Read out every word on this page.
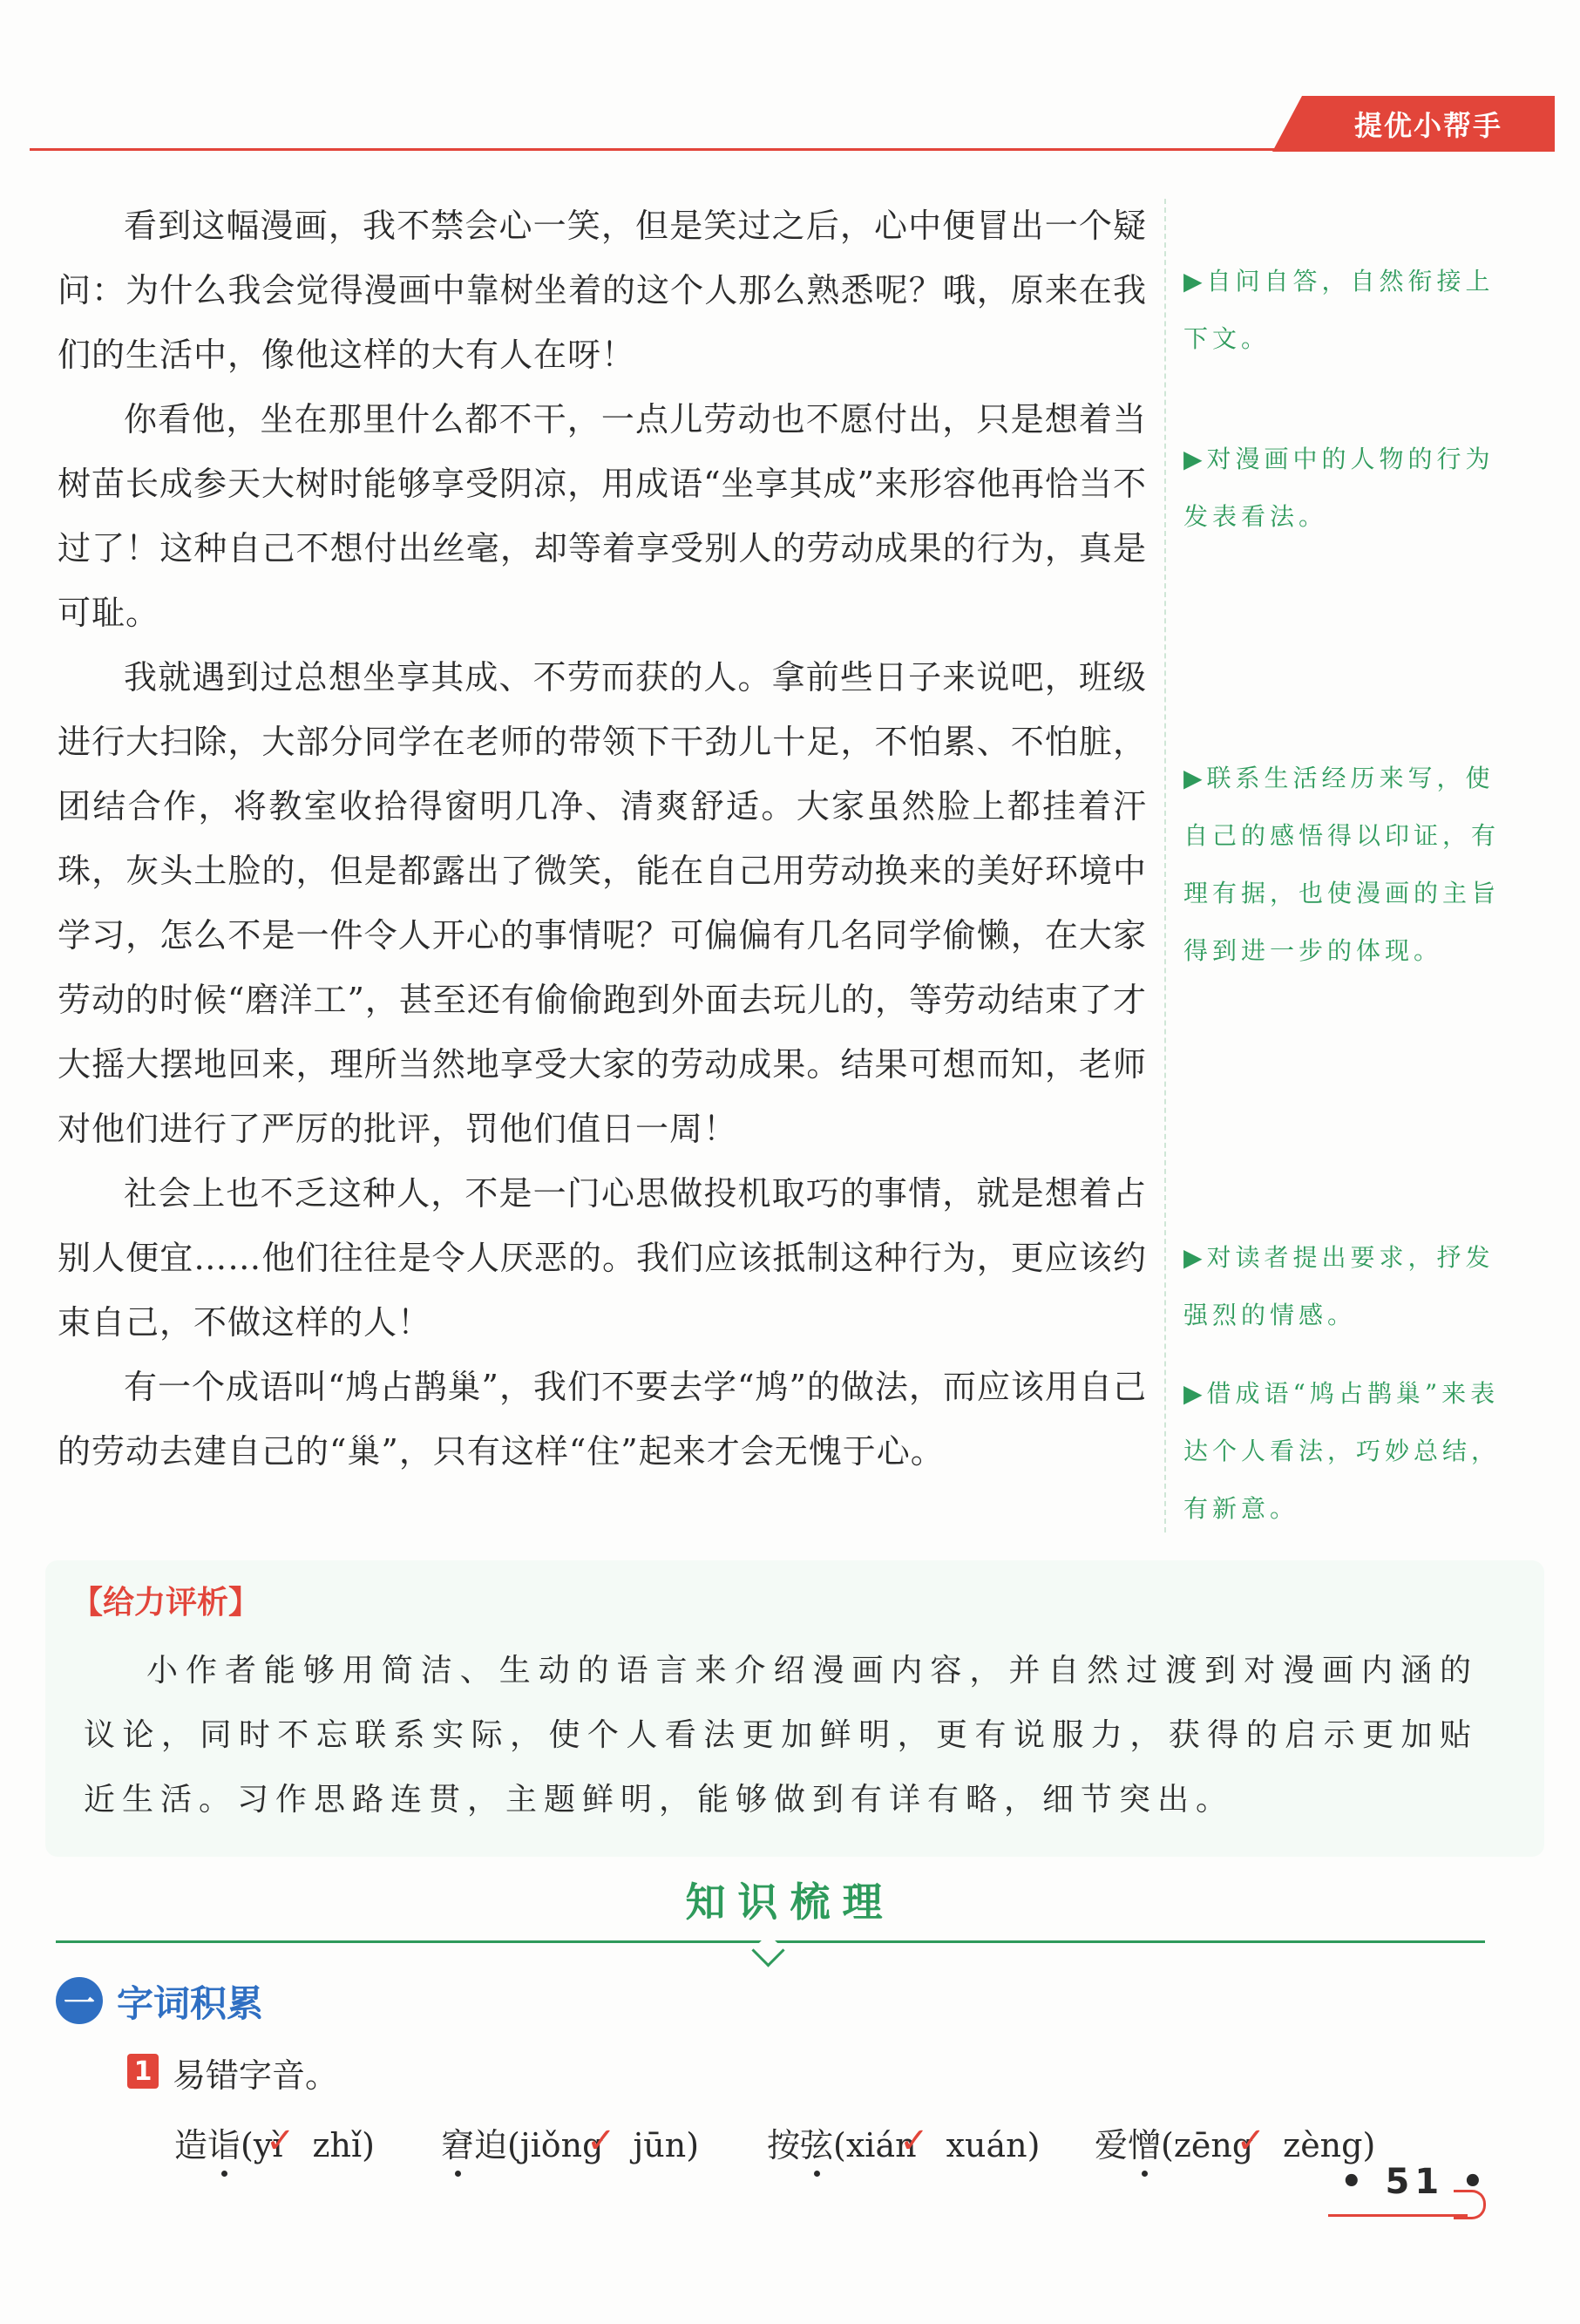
提优小帮手

看到这幅漫画，我不禁会心一笑，但是笑过之后，心中便冒出一个疑问：为什么我会觉得漫画中靠树坐着的这个人那么熟悉呢？哦，原来在我们的生活中，像他这样的大有人在呀！

你看他，坐在那里什么都不干，一点儿劳动也不愿付出，只是想着当树苗长成参天大树时能够享受阴凉，用成语“坐享其成”来形容他再恰当不过了！这种自己不想付出丝毫，却等着享受别人的劳动成果的行为，真是可耻。

我就遇到过总想坐享其成、不劳而获的人。拿前些日子来说吧，班级进行大扫除，大部分同学在老师的带领下干劲儿十足，不怕累、不怕脏，团结合作，将教室收拾得窗明几净、清爽舒适。大家虽然脸上都挂着汗珠，灰头土脸的，但是都露出了微笑，能在自己用劳动换来的美好环境中学习，怎么不是一件令人开心的事情呢？可偏偏有几名同学偷懒，在大家劳动的时候“磨洋工”，甚至还有偷偷跑到外面去玩儿的，等劳动结束了才大摇大摆地回来，理所当然地享受大家的劳动成果。结果可想而知，老师对他们进行了严厉的批评，罚他们值日一周！

社会上也不乏这种人，不是一门心思做投机取巧的事情，就是想着占别人便宜……他们往往是令人厌恶的。我们应该抵制这种行为，更应该约束自己，不做这样的人！

有一个成语叫“鸠占鹊巢”，我们不要去学“鸠”的做法，而应该用自己的劳动去建自己的“巢”，只有这样“住”起来才会无愧于心。

▶自问自答，自然衔接上下文。
▶对漫画中的人物的行为发表看法。
▶联系生活经历来写，使自己的感悟得以印证，有理有据，也使漫画的主旨得到进一步的体现。
▶对读者提出要求，抒发强烈的情感。
▶借成语“鸠占鹊巢”来表达个人看法，巧妙总结，有新意。
【给力评析】
小作者能够用简洁、生动的语言来介绍漫画内容，并自然过渡到对漫画内涵的议论，同时不忘联系实际，使个人看法更加鲜明，更有说服力，获得的启示更加贴近生活。习作思路连贯，主题鲜明，能够做到有详有略，细节突出。
知识梳理
一 字词积累
1 易错字音。
造诣(yì ✓ zhǐ) 窘迫(jiǒng ✓ jūn) 按弦(xián ✓ xuán) 爱憎(zēng ✓ zèng)
• 51 •
